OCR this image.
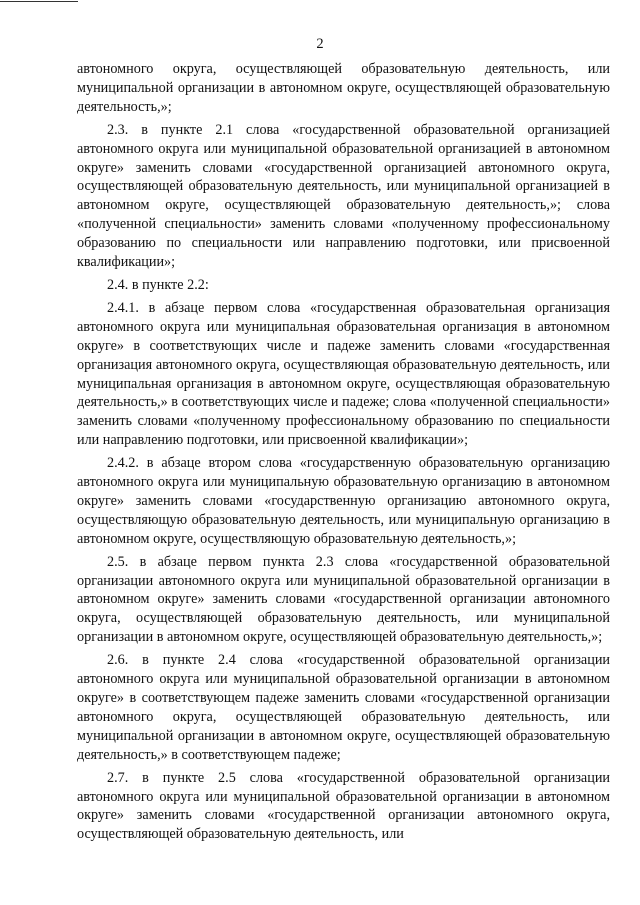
2

автономного округа, осуществляющей образовательную деятельность, или муниципальной организации в автономном округе, осуществляющей образовательную деятельность,»;

2.3. в пункте 2.1 слова «государственной образовательной организацией автономного округа или муниципальной образовательной организацией в автономном округе» заменить словами «государственной организацией автономного округа, осуществляющей образовательную деятельность, или муниципальной организацией в автономном округе, осуществляющей образовательную деятельность,»; слова «полученной специальности» заменить словами «полученному профессиональному образованию по специальности или направлению подготовки, или присвоенной квалификации»;

2.4. в пункте 2.2:

2.4.1. в абзаце первом слова «государственная образовательная организация автономного округа или муниципальная образовательная организация в автономном округе» в соответствующих числе и падеже заменить словами «государственная организация автономного округа, осуществляющая образовательную деятельность, или муниципальная организация в автономном округе, осуществляющая образовательную деятельность,» в соответствующих числе и падеже; слова «полученной специальности» заменить словами «полученному профессиональному образованию по специальности или направлению подготовки, или присвоенной квалификации»;

2.4.2. в абзаце втором слова «государственную образовательную организацию автономного округа или муниципальную образовательную организацию в автономном округе» заменить словами «государственную организацию автономного округа, осуществляющую образовательную деятельность, или муниципальную организацию в автономном округе, осуществляющую образовательную деятельность,»;

2.5. в абзаце первом пункта 2.3 слова «государственной образовательной организации автономного округа или муниципальной образовательной организации в автономном округе» заменить словами «государственной организации автономного округа, осуществляющей образовательную деятельность, или муниципальной организации в автономном округе, осуществляющей образовательную деятельность,»;

2.6. в пункте 2.4 слова «государственной образовательной организации автономного округа или муниципальной образовательной организации в автономном округе» в соответствующем падеже заменить словами «государственной организации автономного округа, осуществляющей образовательную деятельность, или муниципальной организации в автономном округе, осуществляющей образовательную деятельность,» в соответствующем падеже;

2.7. в пункте 2.5 слова «государственной образовательной организации автономного округа или муниципальной образовательной организации в автономном округе» заменить словами «государственной организации автономного округа, осуществляющей образовательную деятельность, или
